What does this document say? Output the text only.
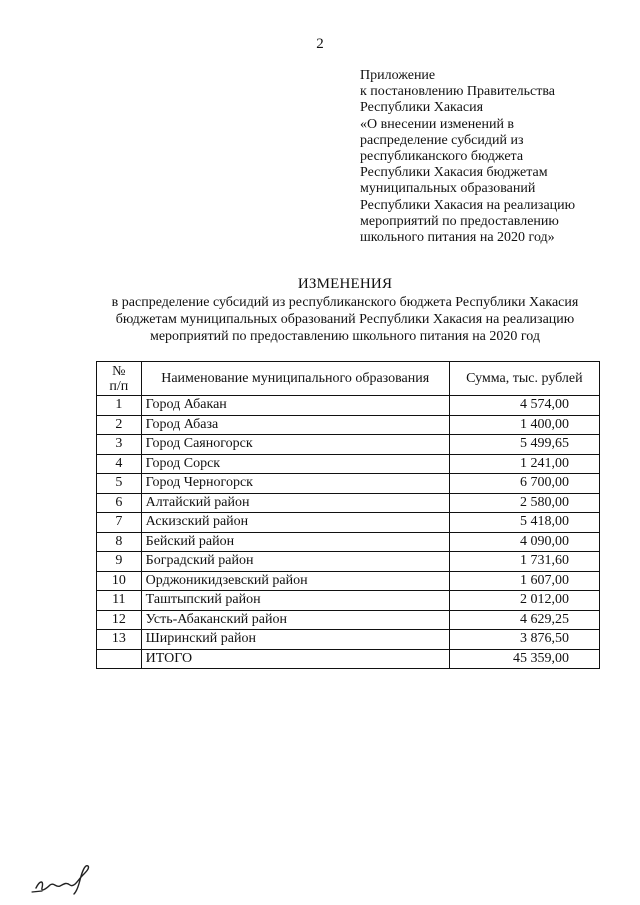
2
Приложение
к постановлению Правительства
Республики Хакасия
«О внесении изменений в
распределение субсидий из
республиканского бюджета
Республики Хакасия бюджетам
муниципальных образований
Республики Хакасия на реализацию
мероприятий по предоставлению
школьного питания на 2020 год»
ИЗМЕНЕНИЯ
в распределение субсидий из республиканского бюджета Республики Хакасия
бюджетам муниципальных образований Республики Хакасия на реализацию
мероприятий по предоставлению школьного питания на 2020 год
№
п/п	Наименование муниципального образования	Сумма, тыс. рублей
1	Город Абакан	4 574,00
2	Город Абаза	1 400,00
3	Город Саяногорск	5 499,65
4	Город Сорск	1 241,00
5	Город Черногорск	6 700,00
6	Алтайский район	2 580,00
7	Аскизский район	5 418,00
8	Бейский район	4 090,00
9	Боградский район	1 731,60
10	Орджоникидзевский район	1 607,00
11	Таштыпский район	2 012,00
12	Усть-Абаканский район	4 629,25
13	Ширинский район	3 876,50
	ИТОГО	45 359,00
